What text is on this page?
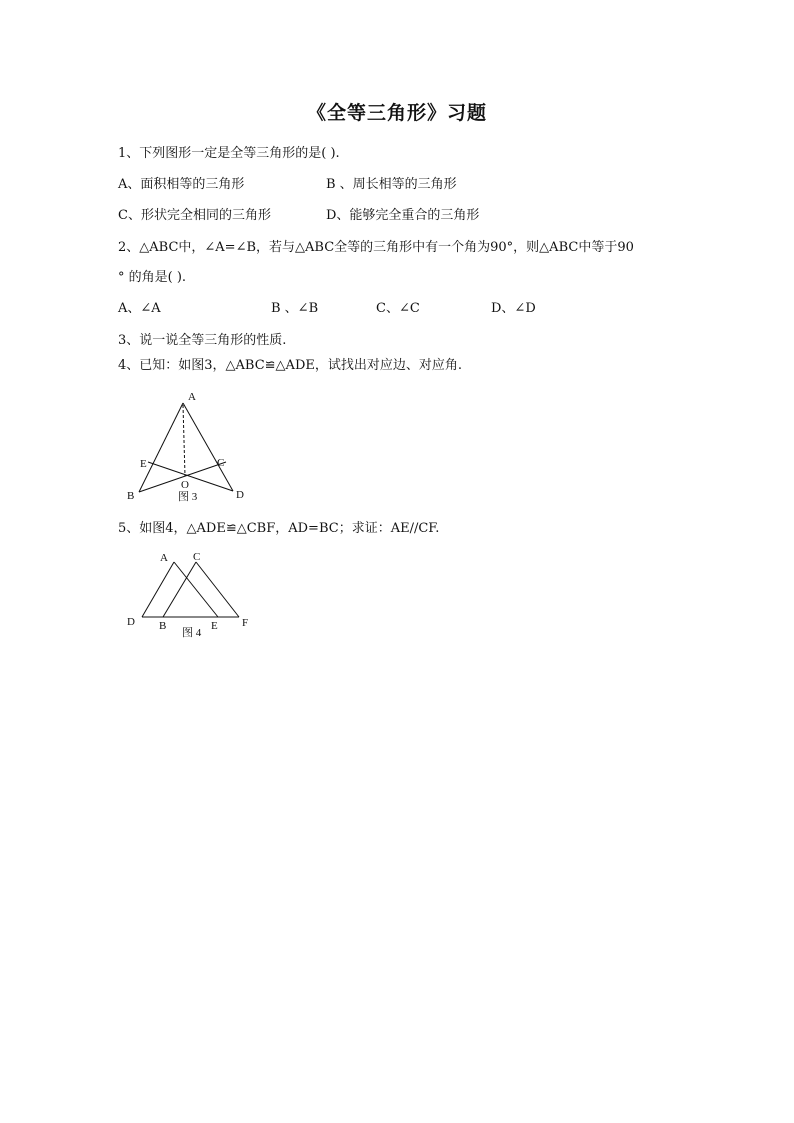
《全等三角形》习题
1、下列图形一定是全等三角形的是( ).
A、面积相等的三角形	B 、周长相等的三角形
C、形状完全相同的三角形	D、能够完全重合的三角形
2、△ABC中，∠A=∠B，若与△ABC全等的三角形中有一个角为90°，则△ABC中等于90
° 的角是( ).
A、∠A	B 、∠B	C、∠C	D、∠D
3、说一说全等三角形的性质.
4、已知：如图3，△ABC≌△ADE，试找出对应边、对应角.
A
E	C
O
B	D
图 3
5、如图4，△ADE≌△CBF，AD=BC；求证：AE//CF.
A C
D B	E F
图 4
